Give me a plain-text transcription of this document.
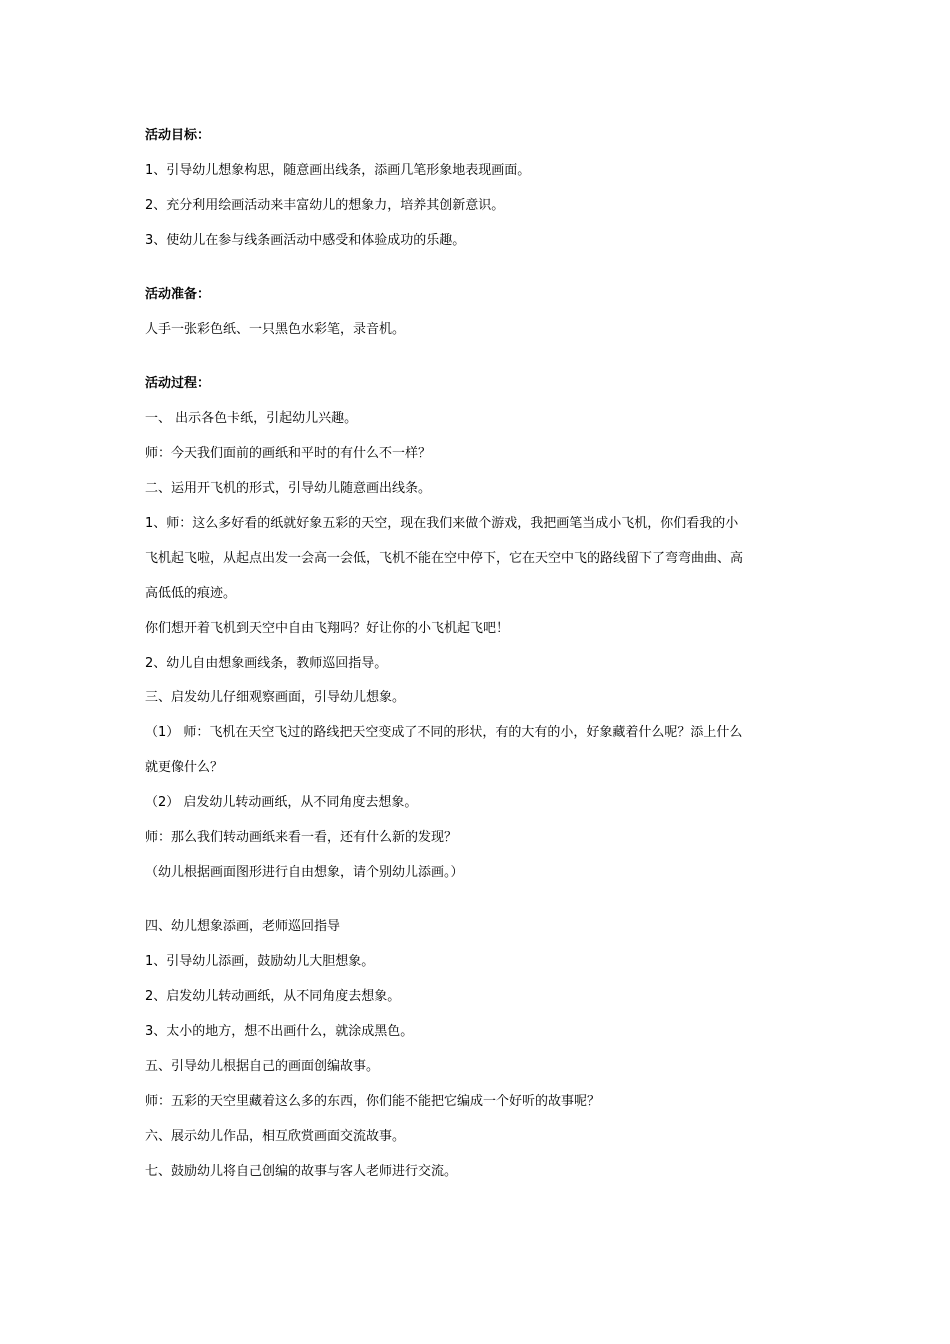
活动目标：
1、引导幼儿想象构思，随意画出线条，添画几笔形象地表现画面。
2、充分利用绘画活动来丰富幼儿的想象力，培养其创新意识。
3、使幼儿在参与线条画活动中感受和体验成功的乐趣。
活动准备：
人手一张彩色纸、一只黑色水彩笔，录音机。
活动过程：
一、 出示各色卡纸，引起幼儿兴趣。
师：今天我们面前的画纸和平时的有什么不一样？
二、运用开飞机的形式，引导幼儿随意画出线条。
1、师：这么多好看的纸就好象五彩的天空，现在我们来做个游戏，我把画笔当成小飞机，你们看我的小
飞机起飞啦，从起点出发一会高一会低，飞机不能在空中停下，它在天空中飞的路线留下了弯弯曲曲、高
高低低的痕迹。
你们想开着飞机到天空中自由飞翔吗？好让你的小飞机起飞吧！
2、幼儿自由想象画线条，教师巡回指导。
三、启发幼儿仔细观察画面，引导幼儿想象。
（1） 师：飞机在天空飞过的路线把天空变成了不同的形状，有的大有的小，好象藏着什么呢？添上什么
就更像什么？
（2） 启发幼儿转动画纸，从不同角度去想象。
师：那么我们转动画纸来看一看，还有什么新的发现？
（幼儿根据画面图形进行自由想象，请个别幼儿添画。）
四、幼儿想象添画，老师巡回指导
1、引导幼儿添画，鼓励幼儿大胆想象。
2、启发幼儿转动画纸，从不同角度去想象。
3、太小的地方，想不出画什么，就涂成黑色。
五、引导幼儿根据自己的画面创编故事。
师：五彩的天空里藏着这么多的东西，你们能不能把它编成一个好听的故事呢？
六、展示幼儿作品，相互欣赏画面交流故事。
七、鼓励幼儿将自己创编的故事与客人老师进行交流。
